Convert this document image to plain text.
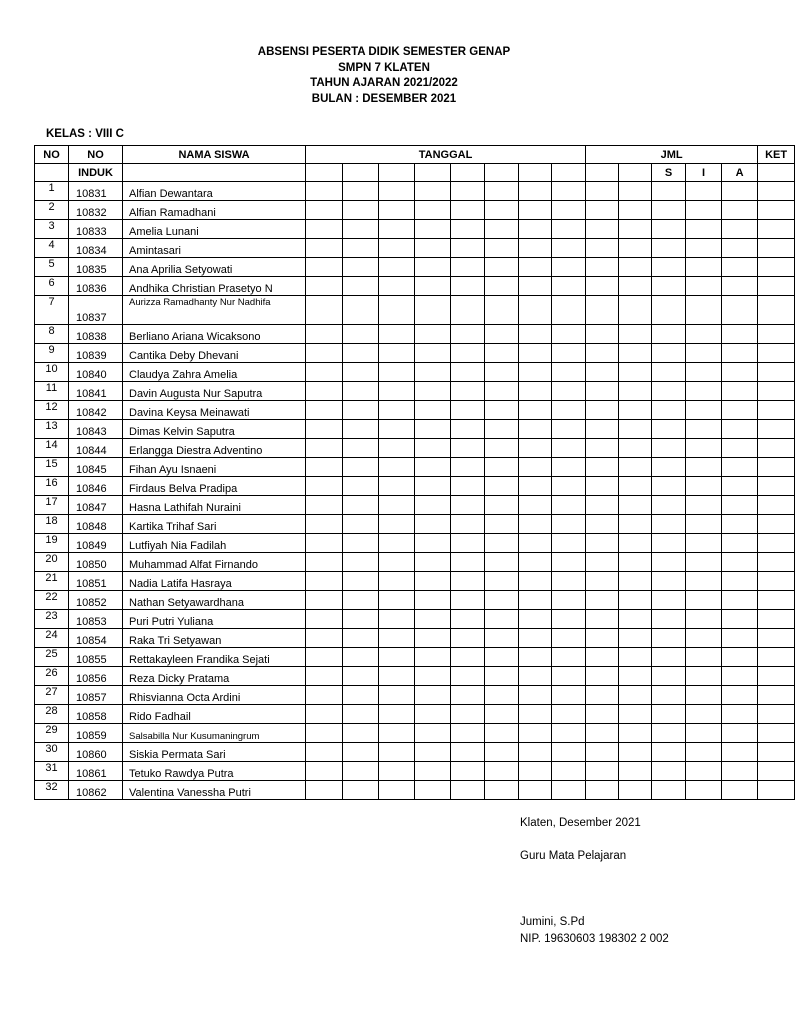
ABSENSI PESERTA DIDIK SEMESTER GENAP
SMPN 7 KLATEN
TAHUN AJARAN 2021/2022
BULAN : DESEMBER 2021
KELAS : VIII C
NO	NO	NAMA SISWA	TANGGAL								JML					KET
	INDUK												S	I	A	
1	10831	Alfian Dewantara														
2	10832	Alfian Ramadhani														
3	10833	Amelia Lunani														
4	10834	Amintasari														
5	10835	Ana Aprilia Setyowati														
6	10836	Andhika Christian Prasetyo N														
7	10837	Aurizza Ramadhanty Nur Nadhifa														
8	10838	Berliano Ariana Wicaksono														
9	10839	Cantika Deby Dhevani														
10	10840	Claudya Zahra Amelia														
11	10841	Davin Augusta Nur Saputra														
12	10842	Davina Keysa Meinawati														
13	10843	Dimas Kelvin Saputra														
14	10844	Erlangga Diestra Adventino														
15	10845	Fihan Ayu Isnaeni														
16	10846	Firdaus Belva Pradipa														
17	10847	Hasna Lathifah Nuraini														
18	10848	Kartika Trihaf Sari														
19	10849	Lutfiyah Nia Fadilah														
20	10850	Muhammad Alfat Firnando														
21	10851	Nadia Latifa Hasraya														
22	10852	Nathan Setyawardhana														
23	10853	Puri Putri Yuliana														
24	10854	Raka Tri Setyawan														
25	10855	Rettakayleen Frandika Sejati														
26	10856	Reza Dicky Pratama														
27	10857	Rhisvianna Octa Ardini														
28	10858	Rido Fadhail														
29	10859	Salsabilla Nur Kusumaningrum														
30	10860	Siskia Permata Sari														
31	10861	Tetuko Rawdya Putra														
32	10862	Valentina Vanessha Putri														
Klaten, Desember 2021
Guru Mata Pelajaran
Jumini, S.Pd
NIP. 19630603 198302 2 002
